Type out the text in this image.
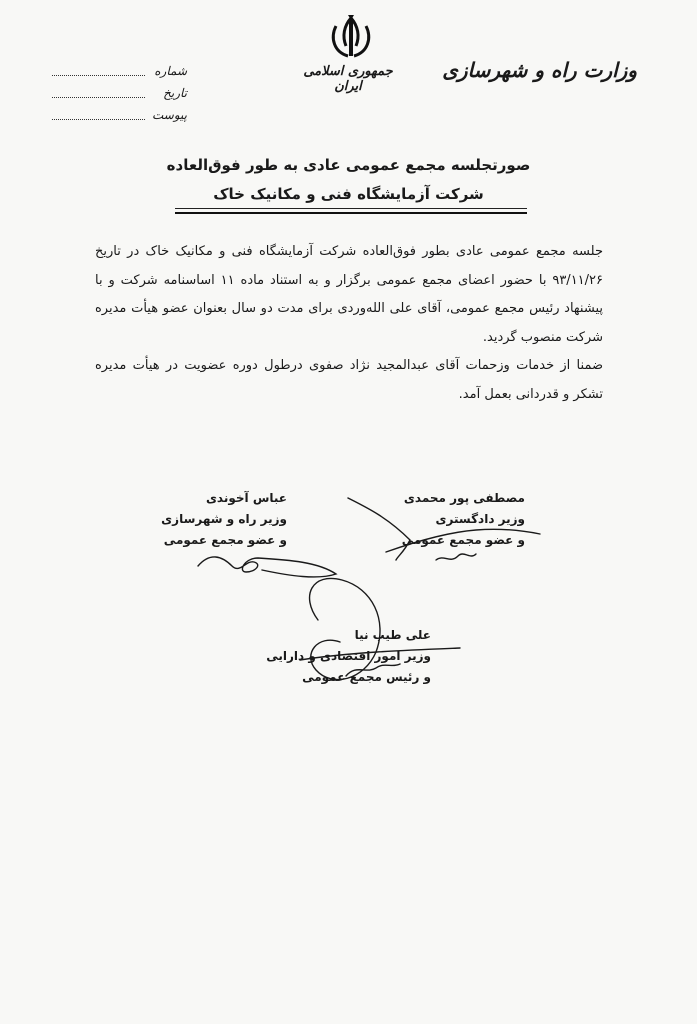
وزارت راه و شهرسازی
جمهوری اسلامی ایران
شماره
تاریخ
پیوست
صورتجلسه مجمع عمومی عادی به طور فوق‌العاده
شرکت آزمایشگاه فنی و مکانیک خاک

جلسه مجمع عمومی عادی بطور فوق‌العاده شرکت آزمایشگاه فنی و مکانیک خاک در تاریخ ۹۳/۱۱/۲۶ با حضور اعضای مجمع عمومی برگزار و به استناد ماده ۱۱ اساسنامه شرکت و با پیشنهاد رئیس مجمع عمومی، آقای علی الله‌وردی برای مدت دو سال بعنوان عضو هیأت مدیره شرکت منصوب گردید.

ضمنا از خدمات وزحمات آقای عبدالمجید نژاد صفوی درطول دوره عضویت در هیأت مدیره تشکر و قدردانی بعمل آمد.

مصطفی پور محمدی
وزیر دادگستری
و عضو مجمع عمومی
عباس آخوندی
وزیر راه و شهرسازی
و عضو مجمع عمومی
علی طیب نیا
وزیر امور اقتصادی و دارایی
و رئیس مجمع عمومی
